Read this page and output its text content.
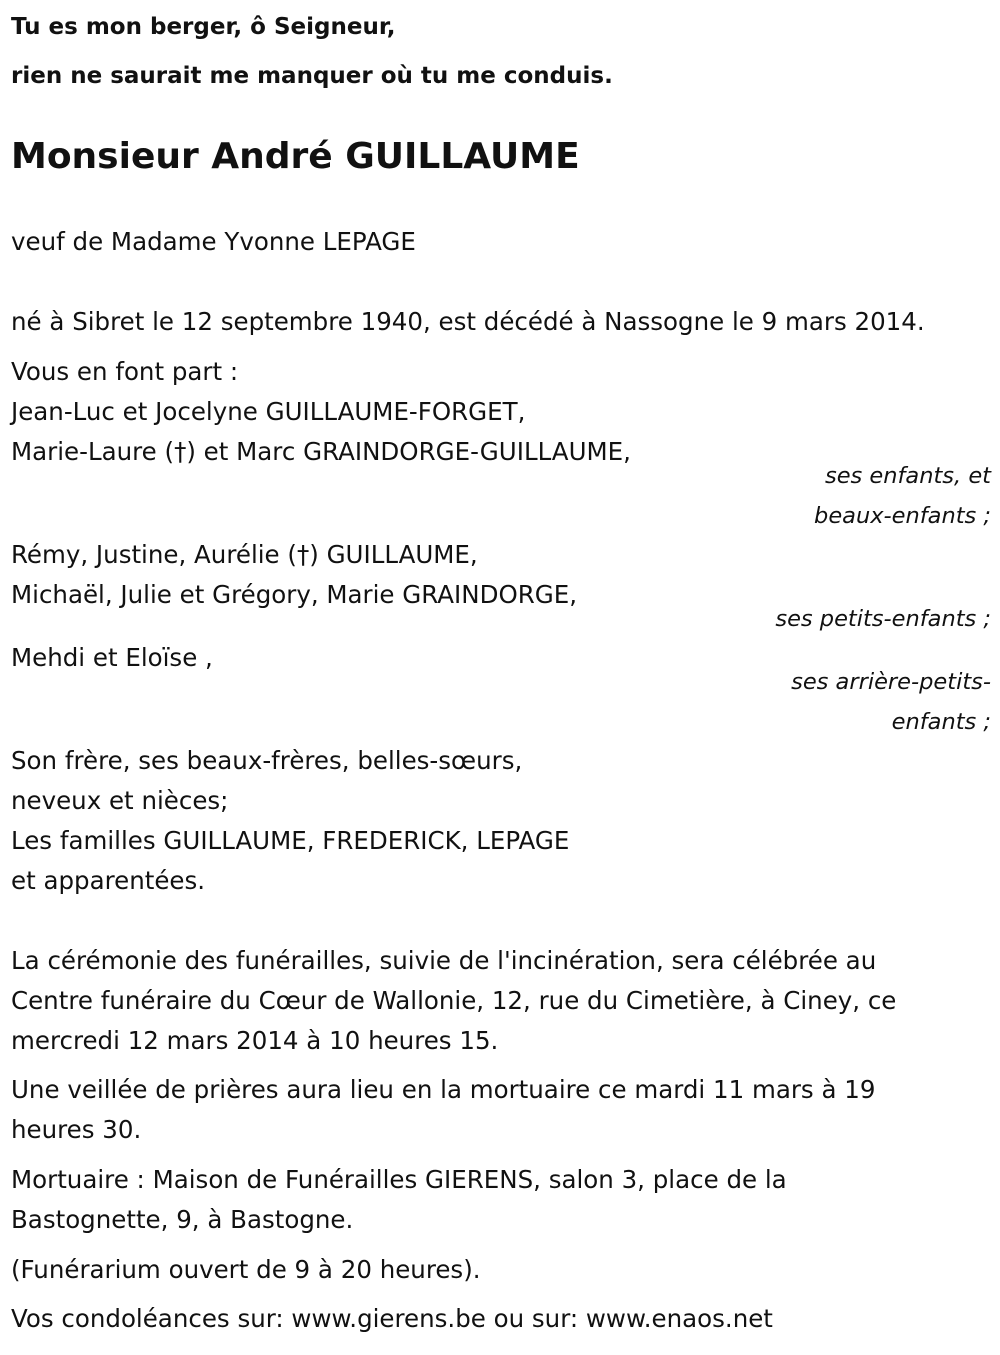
Tu es mon berger, ô Seigneur,
rien ne saurait me manquer où tu me conduis.
Monsieur André GUILLAUME
veuf de Madame Yvonne LEPAGE
né à Sibret le 12 septembre 1940, est décédé à Nassogne le 9 mars 2014.
Vous en font part :
Jean-Luc et Jocelyne GUILLAUME-FORGET,
Marie-Laure (†) et Marc GRAINDORGE-GUILLAUME,
ses enfants, et
beaux-enfants ;
Rémy, Justine, Aurélie (†) GUILLAUME,
Michaël, Julie et Grégory, Marie GRAINDORGE,
ses petits-enfants ;
Mehdi et Eloïse ,
ses arrière-petits-
enfants ;
Son frère, ses beaux-frères, belles-sœurs,
neveux et nièces;
Les familles GUILLAUME, FREDERICK, LEPAGE
et apparentées.
La cérémonie des funérailles, suivie de l'incinération, sera célébrée au
Centre funéraire du Cœur de Wallonie, 12, rue du Cimetière, à Ciney, ce
mercredi 12 mars 2014 à 10 heures 15.
Une veillée de prières aura lieu en la mortuaire ce mardi 11 mars à 19
heures 30.
Mortuaire : Maison de Funérailles GIERENS, salon 3, place de la
Bastognette, 9, à Bastogne.
(Funérarium ouvert de 9 à 20 heures).
Vos condoléances sur: www.gierens.be ou sur: www.enaos.net
